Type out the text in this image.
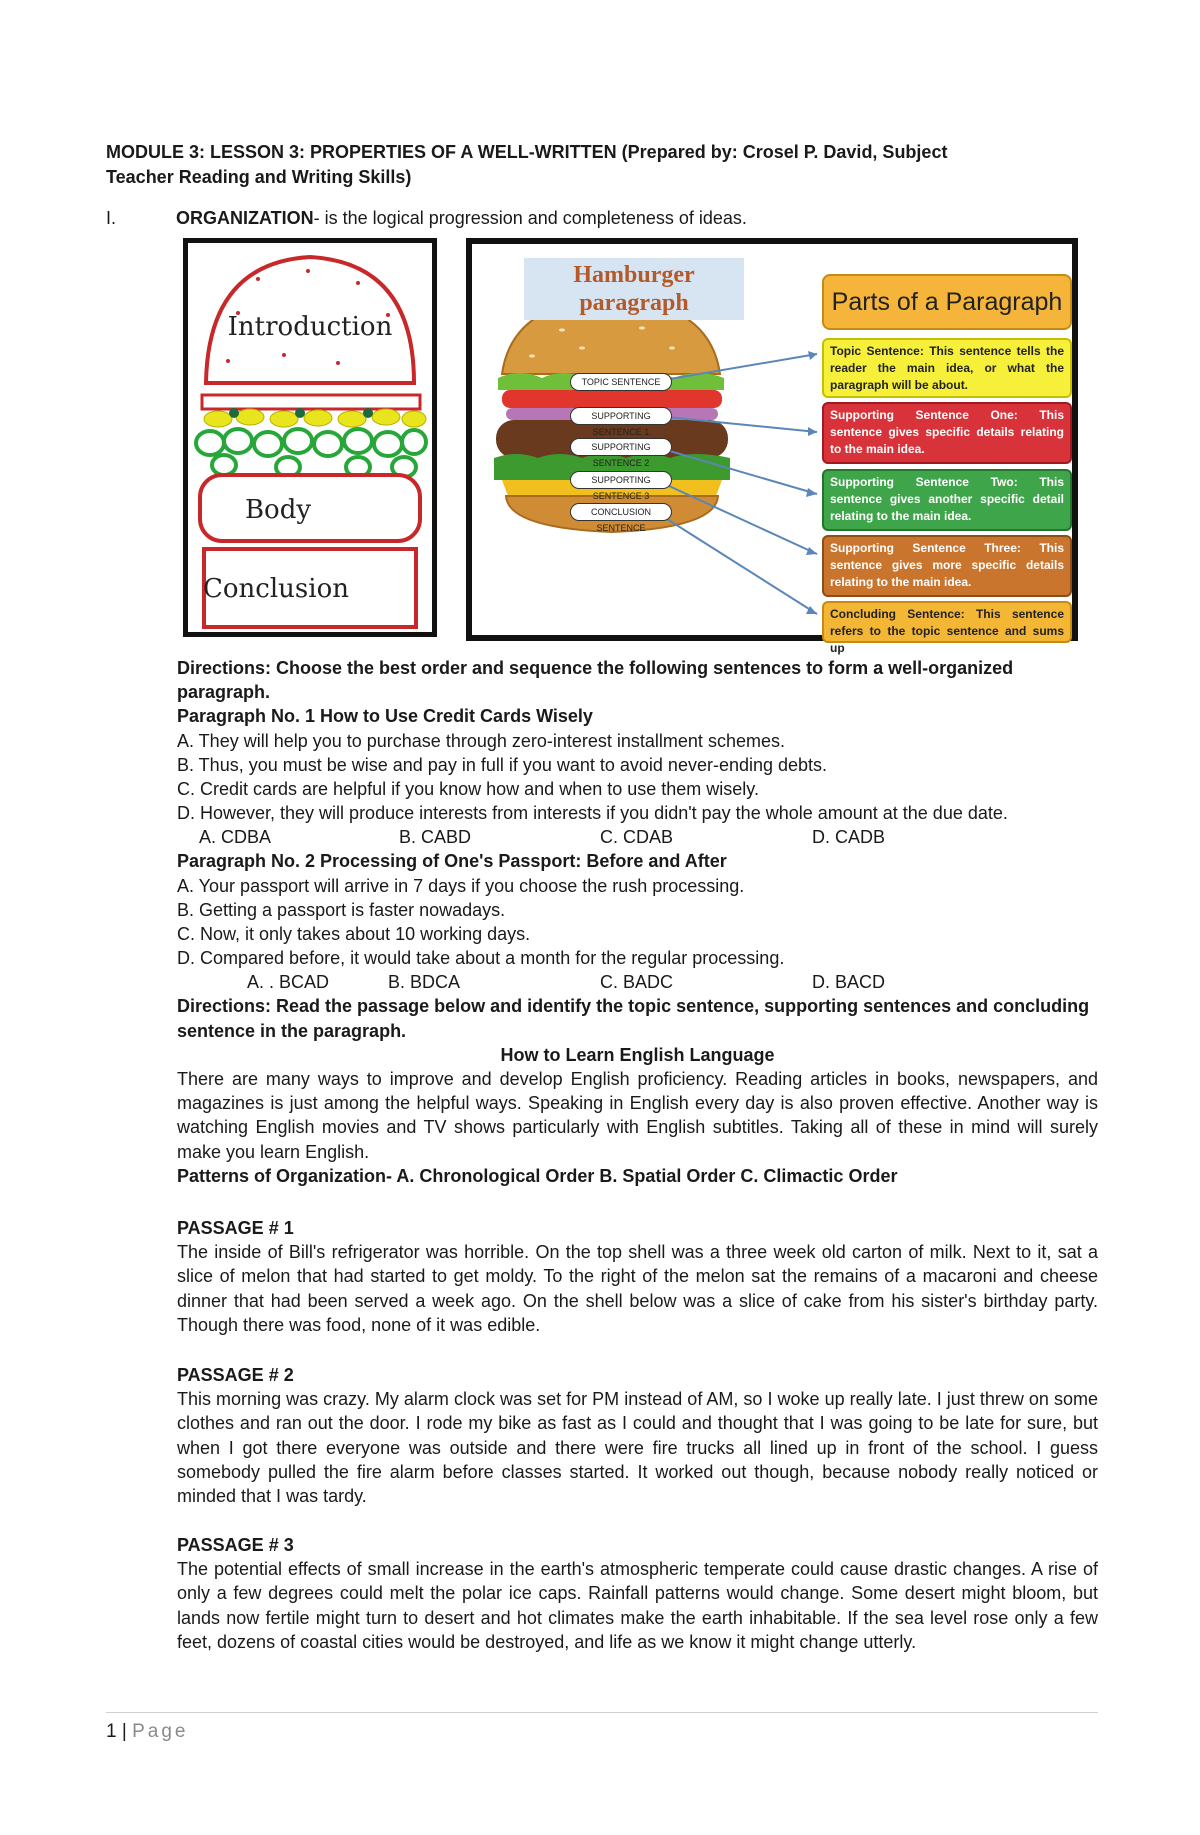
MODULE 3: LESSON 3: PROPERTIES OF A WELL-WRITTEN (Prepared by: Crosel P. David, Subject
Teacher Reading and Writing Skills)
I.	ORGANIZATION- is the logical progression and completeness of ideas.
Introduction
Body
Conclusion
Hamburger
paragraph
TOPIC SENTENCE
SUPPORTING SENTENCE 1
SUPPORTING SENTENCE 2
SUPPORTING SENTENCE 3
CONCLUSION SENTENCE
Parts of a Paragraph
Topic Sentence: This sentence tells the reader the main idea, or what the paragraph will be about.
Supporting Sentence One: This sentence gives specific details relating to the main idea.
Supporting Sentence Two: This sentence gives another specific detail relating to the main idea.
Supporting Sentence Three: This sentence gives more specific details relating to the main idea.
Concluding Sentence: This sentence refers to the topic sentence and sums up

Directions: Choose the best order and sequence the following sentences to form a well-organized paragraph.

Paragraph No. 1 How to Use Credit Cards Wisely

A. They will help you to purchase through zero-interest installment schemes.

B. Thus, you must be wise and pay in full if you want to avoid never-ending debts.

C. Credit cards are helpful if you know how and when to use them wisely.

D. However, they will produce interests from interests if you didn't pay the whole amount at the due date.

A. CDBA	B. CABD	C. CDAB	D. CADB

Paragraph No. 2 Processing of One's Passport: Before and After

A. Your passport will arrive in 7 days if you choose the rush processing.

B. Getting a passport is faster nowadays.

C. Now, it only takes about 10 working days.

D. Compared before, it would take about a month for the regular processing.

A. . BCAD	B. BDCA	C. BADC	D. BACD

Directions: Read the passage below and identify the topic sentence, supporting sentences and concluding sentence in the paragraph.

How to Learn English Language

There are many ways to improve and develop English proficiency. Reading articles in books, newspapers, and magazines is just among the helpful ways. Speaking in English every day is also proven effective. Another way is watching English movies and TV shows particularly with English subtitles. Taking all of these in mind will surely make you learn English.

Patterns of Organization- A. Chronological Order B. Spatial Order C. Climactic Order

PASSAGE # 1

The inside of Bill's refrigerator was horrible. On the top shell was a three week old carton of milk. Next to it, sat a slice of melon that had started to get moldy. To the right of the melon sat the remains of a macaroni and cheese dinner that had been served a week ago. On the shell below was a slice of cake from his sister's birthday party. Though there was food, none of it was edible.

PASSAGE # 2

This morning was crazy. My alarm clock was set for PM instead of AM, so I woke up really late. I just threw on some clothes and ran out the door. I rode my bike as fast as I could and thought that I was going to be late for sure, but when I got there everyone was outside and there were fire trucks all lined up in front of the school. I guess somebody pulled the fire alarm before classes started. It worked out though, because nobody really noticed or minded that I was tardy.

PASSAGE # 3

The potential effects of small increase in the earth's atmospheric temperate could cause drastic changes. A rise of only a few degrees could melt the polar ice caps. Rainfall patterns would change. Some desert might bloom, but lands now fertile might turn to desert and hot climates make the earth inhabitable. If the sea level rose only a few feet, dozens of coastal cities would be destroyed, and life as we know it might change utterly.

1 | Page
